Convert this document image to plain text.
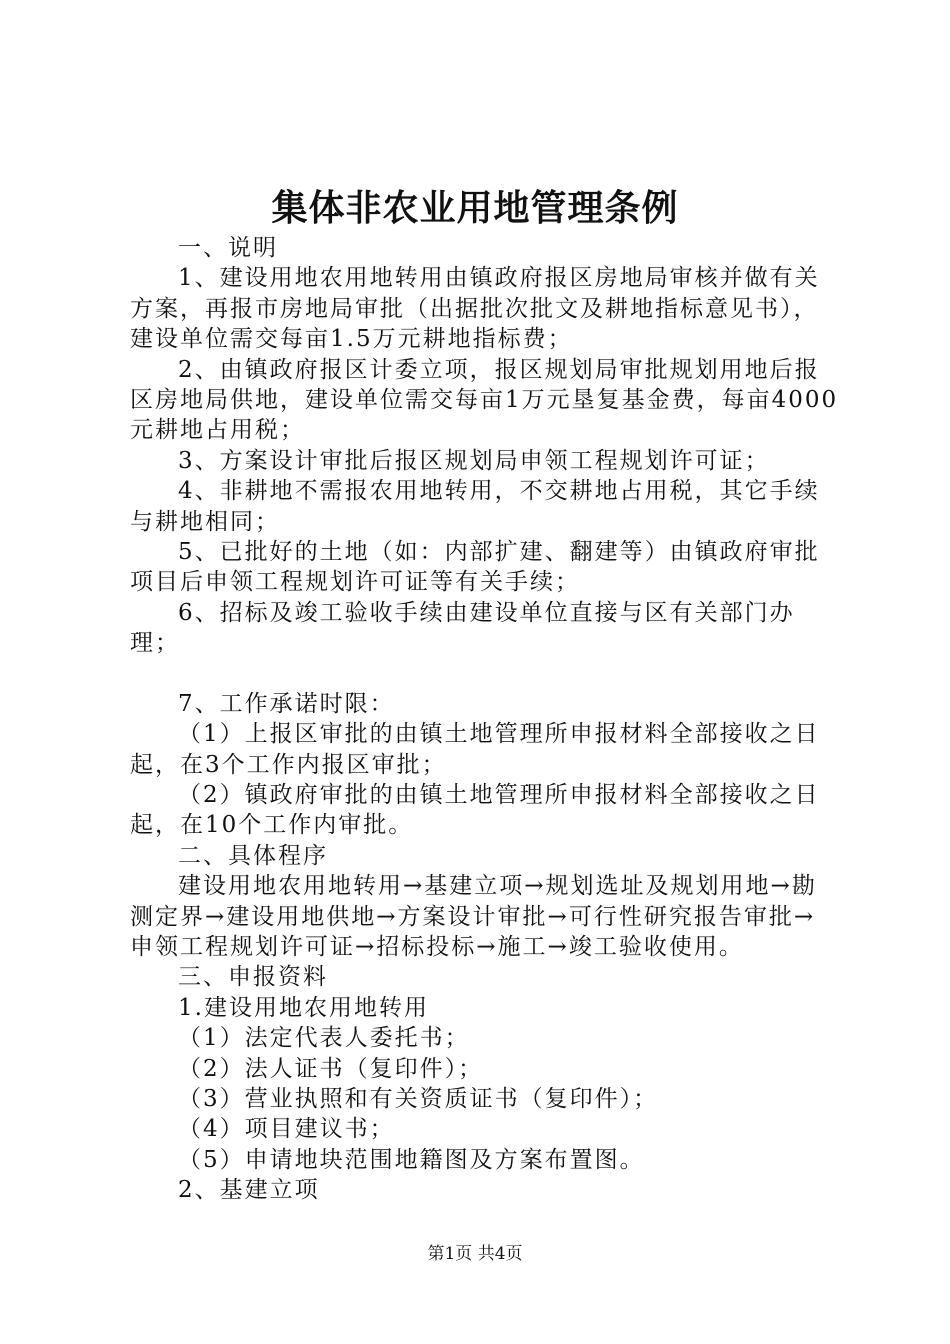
集体非农业用地管理条例

一、说明

1、建设用地农用地转用由镇政府报区房地局审核并做有关方案，再报市房地局审批（出据批次批文及耕地指标意见书），建设单位需交每亩1.5万元耕地指标费；

2、由镇政府报区计委立项，报区规划局审批规划用地后报区房地局供地，建设单位需交每亩1万元垦复基金费，每亩4000元耕地占用税；

3、方案设计审批后报区规划局申领工程规划许可证；

4、非耕地不需报农用地转用，不交耕地占用税，其它手续与耕地相同；

5、已批好的土地（如：内部扩建、翻建等）由镇政府审批项目后申领工程规划许可证等有关手续；

6、招标及竣工验收手续由建设单位直接与区有关部门办理；

7、工作承诺时限：

（1）上报区审批的由镇土地管理所申报材料全部接收之日起，在3个工作内报区审批；

（2）镇政府审批的由镇土地管理所申报材料全部接收之日起，在10个工作内审批。

二、具体程序

建设用地农用地转用→基建立项→规划选址及规划用地→勘测定界→建设用地供地→方案设计审批→可行性研究报告审批→申领工程规划许可证→招标投标→施工→竣工验收使用。

三、申报资料

1.建设用地农用地转用

（1）法定代表人委托书；

（2）法人证书（复印件）；

（3）营业执照和有关资质证书（复印件）；

（4）项目建议书；

（5）申请地块范围地籍图及方案布置图。

2、基建立项

第1页 共4页
